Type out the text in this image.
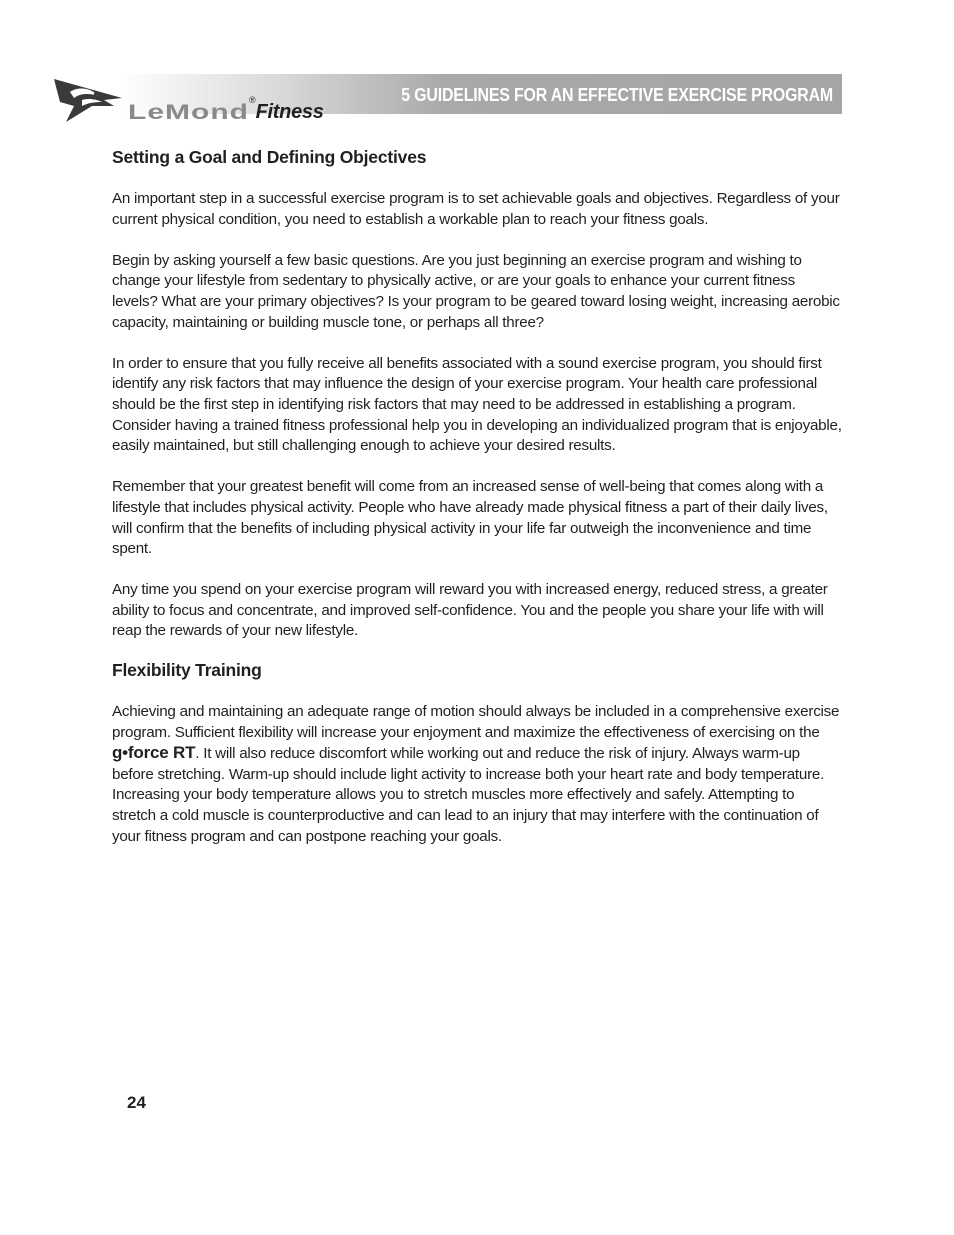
5 GUIDELINES FOR AN EFFECTIVE EXERCISE PROGRAM
LeMond®Fitness
Setting a Goal and Defining Objectives

An important step in a successful exercise program is to set achievable goals and objectives. Regardless of your current physical condition, you need to establish a workable plan to reach your fitness goals.

Begin by asking yourself a few basic questions. Are you just beginning an exercise program and wishing to change your lifestyle from sedentary to physically active, or are your goals to enhance your current fitness levels? What are your primary objectives? Is your program to be geared toward losing weight, increasing aerobic capacity, maintaining or building muscle tone, or perhaps all three?

In order to ensure that you fully receive all benefits associated with a sound exercise program, you should first identify any risk factors that may influence the design of your exercise program. Your health care professional should be the first step in identifying risk factors that may need to be addressed in establishing a program. Consider having a trained fitness professional help you in developing an individualized program that is enjoyable, easily maintained, but still challenging enough to achieve your desired results.

Remember that your greatest benefit will come from an increased sense of well-being that comes along with a lifestyle that includes physical activity. People who have already made physical fitness a part of their daily lives, will confirm that the benefits of including physical activity in your life far outweigh the inconvenience and time spent.

Any time you spend on your exercise program will reward you with increased energy, reduced stress, a greater ability to focus and concentrate, and improved self-confidence. You and the people you share your life with will reap the rewards of your new lifestyle.

Flexibility Training

Achieving and maintaining an adequate range of motion should always be included in a comprehensive exercise program. Sufficient flexibility will increase your enjoyment and maximize the effectiveness of exercising on the g•force RT. It will also reduce discomfort while working out and reduce the risk of injury. Always warm-up before stretching. Warm-up should include light activity to increase both your heart rate and body temperature. Increasing your body temperature allows you to stretch muscles more effectively and safely. Attempting to stretch a cold muscle is counterproductive and can lead to an injury that may interfere with the continuation of your fitness program and can postpone reaching your goals.

24
